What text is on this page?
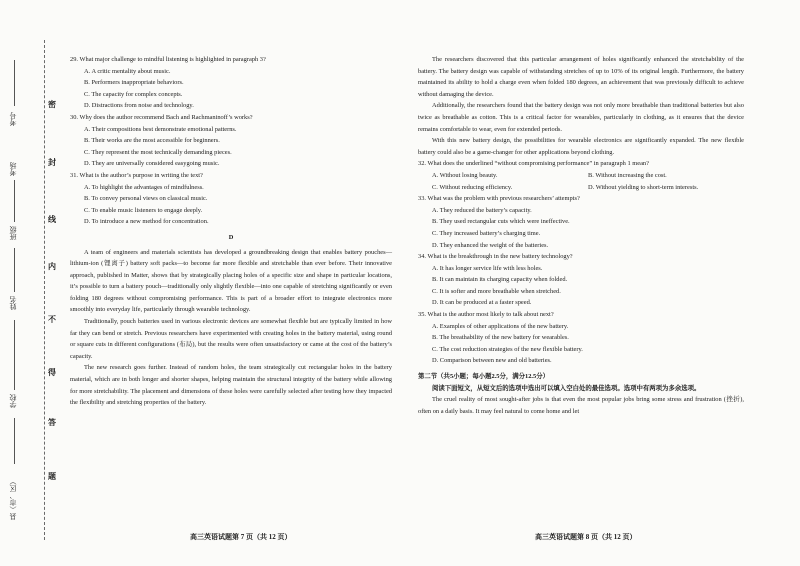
密
封
线
内
不
得
答
题
考号
考场
班级
姓名
学校
县（市、区）

29. What major challenge to mindful listening is highlighted in paragraph 3?

A. A critic mentality about music.

B. Performers inappropriate behaviors.

C. The capacity for complex concepts.

D. Distractions from noise and technology.

30. Why does the author recommend Bach and Rachmaninoff’s works?

A. Their compositions best demonstrate emotional patterns.

B. Their works are the most accessible for beginners.

C. They represent the most technically demanding pieces.

D. They are universally considered easygoing music.

31. What is the author’s purpose in writing the text?

A. To highlight the advantages of mindfulness.

B. To convey personal views on classical music.

C. To enable music listeners to engage deeply.

D. To introduce a new method for concentration.

D

A team of engineers and materials scientists has developed a groundbreaking design that enables battery pouches—lithium-ion (锂离子) battery soft packs—to become far more flexible and stretchable than ever before. Their innovative approach, published in Matter, shows that by strategically placing holes of a specific size and shape in particular locations, it’s possible to turn a battery pouch—traditionally only slightly flexible—into one capable of stretching significantly or even folding 180 degrees without compromising performance. This is part of a broader effort to integrate electronics more smoothly into everyday life, particularly through wearable technology.

Traditionally, pouch batteries used in various electronic devices are somewhat flexible but are typically limited in how far they can bend or stretch. Previous researchers have experimented with creating holes in the battery material, using round or square cuts in different configurations (布局), but the results were often unsatisfactory or came at the cost of the battery’s capacity.

The new research goes further. Instead of random holes, the team strategically cut rectangular holes in the battery material, which are in both longer and shorter shapes, helping maintain the structural integrity of the battery while allowing for more stretchability. The placement and dimensions of these holes were carefully selected after testing how they impacted the flexibility and stretching properties of the battery.

高三英语试题第 7 页（共 12 页）

The researchers discovered that this particular arrangement of holes significantly enhanced the stretchability of the battery. The battery design was capable of withstanding stretches of up to 10% of its original length. Furthermore, the battery maintained its ability to hold a charge even when folded 180 degrees, an achievement that was previously difficult to achieve without damaging the device.

Additionally, the researchers found that the battery design was not only more breathable than traditional batteries but also twice as breathable as cotton. This is a critical factor for wearables, particularly in clothing, as it ensures that the device remains comfortable to wear, even for extended periods.

With this new battery design, the possibilities for wearable electronics are significantly expanded. The new flexible battery could also be a game-changer for other applications beyond clothing.

32. What does the underlined “without compromising performance” in paragraph 1 mean?

A. Without losing beauty.	B. Without increasing the cost.
C. Without reducing efficiency.	D. Without yielding to short-term interests.

33. What was the problem with previous researchers’ attempts?

A. They reduced the battery’s capacity.

B. They used rectangular cuts which were ineffective.

C. They increased battery’s charging time.

D. They enhanced the weight of the batteries.

34. What is the breakthrough in the new battery technology?

A. It has longer service life with less holes.

B. It can maintain its charging capacity when folded.

C. It is softer and more breathable when stretched.

D. It can be produced at a faster speed.

35. What is the author most likely to talk about next?

A. Examples of other applications of the new battery.

B. The breathability of the new battery for wearables.

C. The cost reduction strategies of the new flexible battery.

D. Comparison between new and old batteries.

第二节（共5小题；每小题2.5分，满分12.5分）

阅读下面短文，从短文后的选项中选出可以填入空白处的最佳选项。选项中有两项为多余选项。

The cruel reality of most sought-after jobs is that even the most popular jobs bring some stress and frustration (挫折), often on a daily basis. It may feel natural to come home and let

高三英语试题第 8 页（共 12 页）
